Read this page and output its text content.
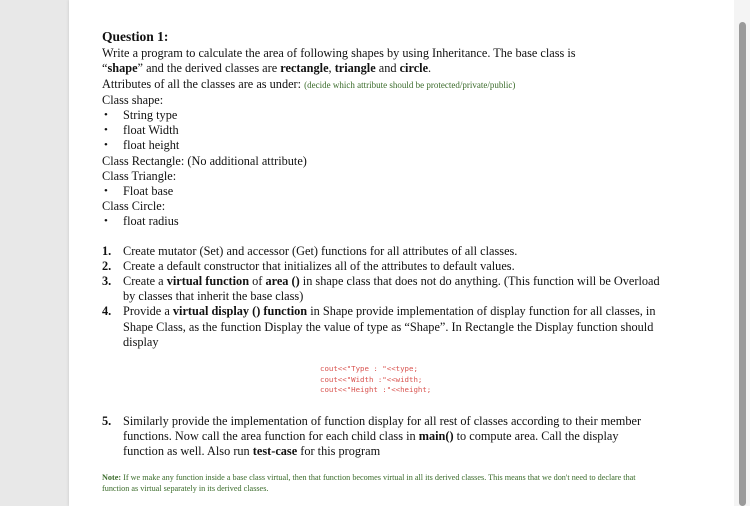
Question 1:
Write a program to calculate the area of following shapes by using Inheritance. The base class is
“shape” and the derived classes are rectangle, triangle and circle.
Attributes of all the classes are as under: (decide which attribute should be protected/private/public)
Class shape:
•	String type
•	float Width
•	float height
Class Rectangle: (No additional attribute)
Class Triangle:
•	Float base
Class Circle:
•	float radius
1. Create mutator (Set) and accessor (Get) functions for all attributes of all classes.
2. Create a default constructor that initializes all of the attributes to default values.
3. Create a virtual function of area () in shape class that does not do anything. (This function will be Overload by classes that inherit the base class)
4. Provide a virtual display () function in Shape provide implementation of display function for all classes, in Shape Class, as the function Display the value of type as “Shape”. In Rectangle the Display function should display
cout<<"Type : "<<type;
cout<<"Width :"<<width;
cout<<"Height :"<<height;
5. Similarly provide the implementation of function display for all rest of classes according to their member functions. Now call the area function for each child class in main() to compute area. Call the display function as well. Also run test-case for this program
Note: If we make any function inside a base class virtual, then that function becomes virtual in all its derived classes. This means that we don't need to declare that function as virtual separately in its derived classes.
